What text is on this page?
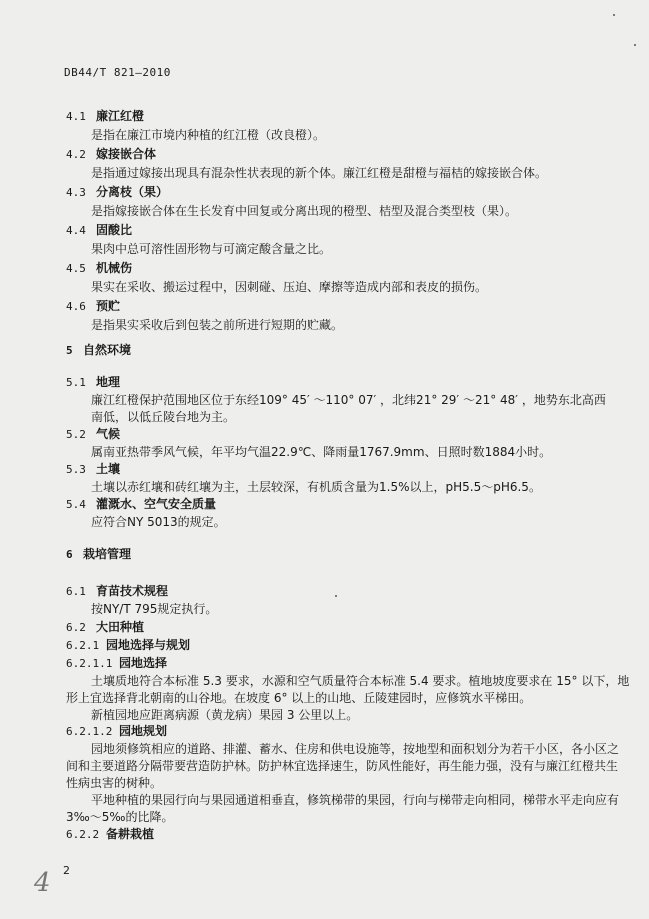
DB44/T 821—2010
4.1 廉江红橙
是指在廉江市境内种植的红江橙（改良橙）。
4.2 嫁接嵌合体
是指通过嫁接出现具有混杂性状表现的新个体。廉江红橙是甜橙与福桔的嫁接嵌合体。
4.3 分离枝（果）
是指嫁接嵌合体在生长发育中回复或分离出现的橙型、桔型及混合类型枝（果）。
4.4 固酸比
果肉中总可溶性固形物与可滴定酸含量之比。
4.5 机械伤
果实在采收、搬运过程中，因刺碰、压迫、摩擦等造成内部和表皮的损伤。
4.6 预贮
是指果实采收后到包装之前所进行短期的贮藏。
5 自然环境
5.1 地理
廉江红橙保护范围地区位于东经109° 45′ ～110° 07′ ，北纬21° 29′ ～21° 48′ ，地势东北高西
南低，以低丘陵台地为主。
5.2 气候
属南亚热带季风气候，年平均气温22.9℃、降雨量1767.9mm、日照时数1884小时。
5.3 土壤
土壤以赤红壤和砖红壤为主，土层较深，有机质含量为1.5%以上，pH5.5～pH6.5。
5.4 灌溉水、空气安全质量
应符合NY 5013的规定。
6 栽培管理
6.1 育苗技术规程
按NY/T 795规定执行。
6.2 大田种植
6.2.1 园地选择与规划
6.2.1.1 园地选择
土壤质地符合本标准 5.3 要求，水源和空气质量符合本标准 5.4 要求。植地坡度要求在 15° 以下，地
形上宜选择背北朝南的山谷地。在坡度 6° 以上的山地、丘陵建园时，应修筑水平梯田。
新植园地应距离病源（黄龙病）果园 3 公里以上。
6.2.1.2 园地规划
园地须修筑相应的道路、排灌、蓄水、住房和供电设施等，按地型和面积划分为若干小区，各小区之
间和主要道路分隔带要营造防护林。防护林宜选择速生，防风性能好，再生能力强，没有与廉江红橙共生
性病虫害的树种。
平地种植的果园行向与果园通道相垂直，修筑梯带的果园，行向与梯带走向相同，梯带水平走向应有
3‰～5‰的比降。
6.2.2 备耕栽植
2
4
